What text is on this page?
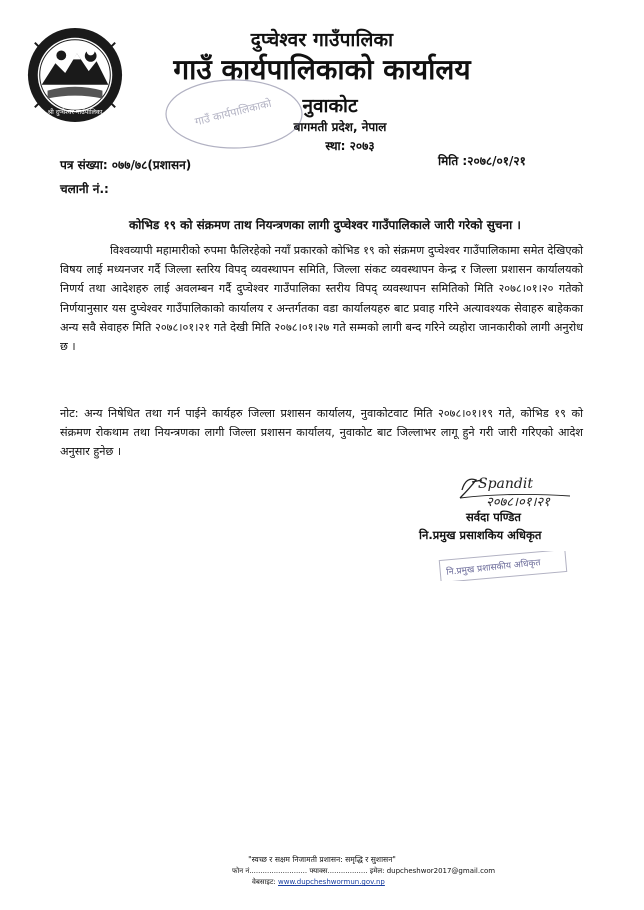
श्री दुप्चेश्वर गाउँपालिका
दुप्चेश्वर गाउँपालिका
गाउँ कार्यपालिकाको कार्यालय
नुवाकोट
बागमती प्रदेश, नेपाल
स्था: २०७३
गाउँ कार्यपालिकाको
पत्र संख्या: ०७७/७८(प्रशासन)	मिति :२०७८/०१/२१
चलानी नं.:
कोभिड १९ को संक्रमण ताथ नियन्त्रणका लागी दुप्चेश्वर गाउँपालिकाले जारी गरेको सुचना ।
विश्वव्यापी महामारीको रुपमा फैलिरहेको नयाँ प्रकारको कोभिड १९ को संक्रमण दुप्चेश्वर गाउँपालिकामा समेत देखिएको विषय लाई मध्यनजर गर्दै जिल्ला स्तरिय विपद् व्यवस्थापन समिति, जिल्ला संकट व्यवस्थापन केन्द्र र जिल्ला प्रशासन कार्यालयको निणर्य तथा आदेशहरु लाई अवलम्बन गर्दै दुप्चेश्वर गाउँपालिका स्तरीय विपद् व्यवस्थापन समितिको मिति २०७८।०१।२० गतेको निर्णयानुसार यस दुप्चेश्वर गाउँपालिकाको कार्यालय र अन्तर्गतका वडा कार्यालयहरु बाट प्रवाह गरिने अत्यावश्यक सेवाहरु बाहेकका अन्य सवै सेवाहरु मिति २०७८।०१।२१ गते देखी मिति २०७८।०१।२७ गते सम्मको लागी बन्द गरिने व्यहोरा जानकारीको लागी अनुरोध छ ।
नोट: अन्य निषेधित तथा गर्न पाईने कार्यहरु जिल्ला प्रशासन कार्यालय, नुवाकोटवाट मिति २०७८।०१।१९ गते, कोभिड १९ को संक्रमण रोकथाम तथा नियन्त्रणका लागी जिल्ला प्रशासन कार्यालय, नुवाकोट बाट जिल्लाभर लागू हुने गरी जारी गरिएको आदेश अनुसार हुनेछ ।
Spandit
२०७८।०१।२१
सर्वदा पण्डित
नि.प्रमुख प्रसाशकिय अधिकृत
नि.प्रमुख प्रशासकीय अधिकृत
"स्वच्छ र सक्षम निजामती प्रशासन: समृद्धि र सुशासन"
फोन नं.......................... फ्याक्स.................. इमेल: dupcheshwor2017@gmail.com
वेबसाइट: www.dupcheshwormun.gov.np
